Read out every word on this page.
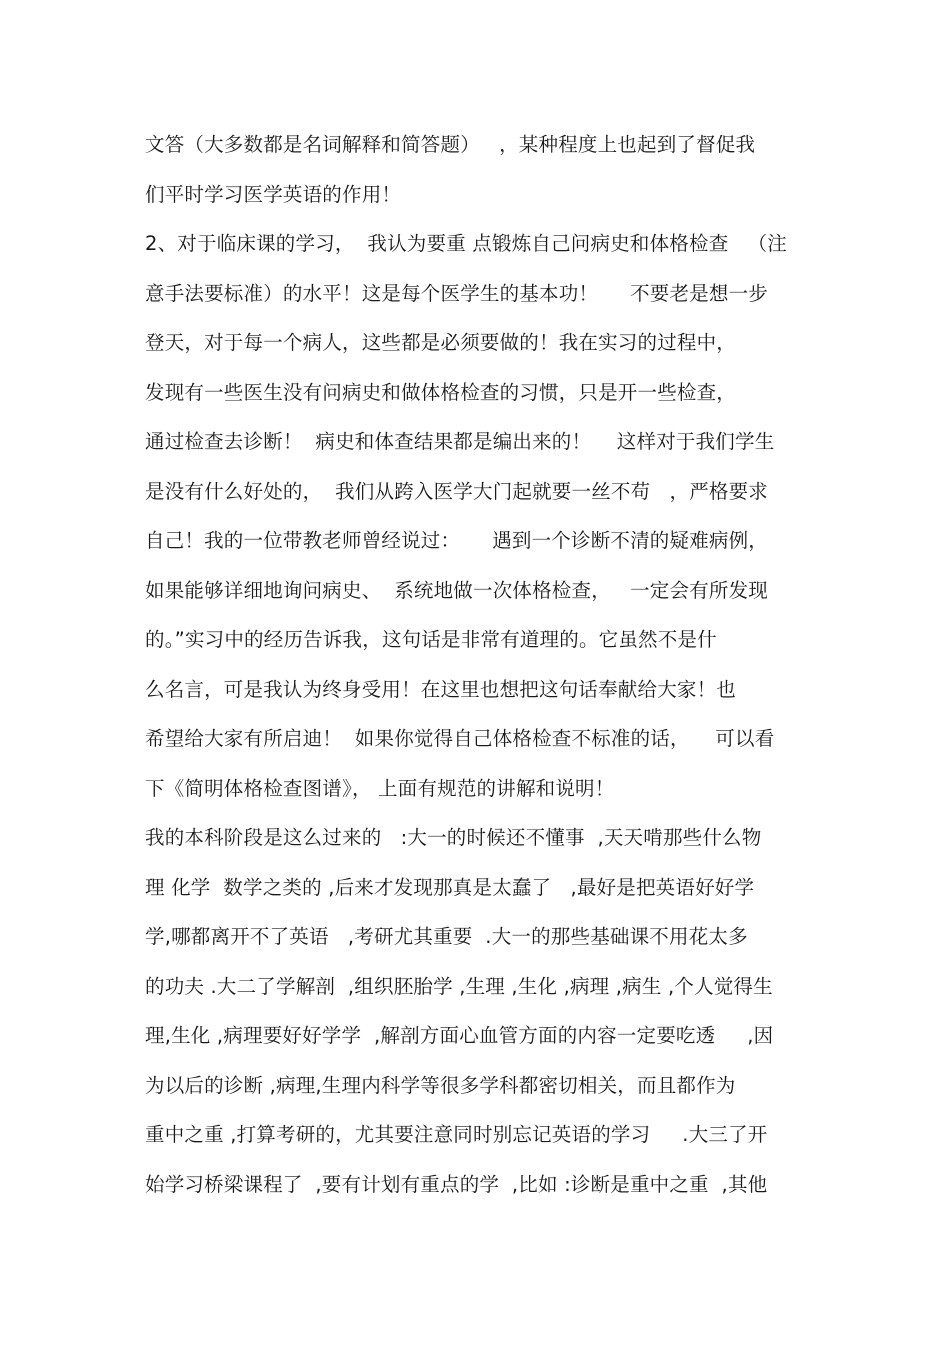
文答（大多数都是名词解释和简答题）   ，某种程度上也起到了督促我
们平时学习医学英语的作用！
2、对于临床课的学习，  我认为要重 点锻炼自己问病史和体格检查   （注
意手法要标准）的水平！这是每个医学生的基本功！     不要老是想一步
登天，对于每一个病人，这些都是必须要做的！我在实习的过程中，
发现有一些医生没有问病史和做体格检查的习惯，只是开一些检查，
通过检查去诊断！  病史和体查结果都是编出来的！    这样对于我们学生
是没有什么好处的，  我们从跨入医学大门起就要一丝不苟   ，严格要求
自己！我的一位带教老师曾经说过：     遇到一个诊断不清的疑难病例，
如果能够详细地询问病史、  系统地做一次体格检查，   一定会有所发现
的。”实习中的经历告诉我，这句话是非常有道理的。它虽然不是什
么名言，可是我认为终身受用！在这里也想把这句话奉献给大家！也
希望给大家有所启迪！  如果你觉得自己体格检查不标准的话，    可以看
下《简明体格检查图谱》， 上面有规范的讲解和说明！
我的本科阶段是这么过来的   :大一的时候还不懂事  ,天天啃那些什么物
理 化学  数学之类的 ,后来才发现那真是太蠢了   ,最好是把英语好好学
学,哪都离开不了英语   ,考研尤其重要  .大一的那些基础课不用花太多
的功夫 .大二了学解剖  ,组织胚胎学 ,生理 ,生化 ,病理 ,病生 ,个人觉得生
理,生化 ,病理要好好学学  ,解剖方面心血管方面的内容一定要吃透     ,因
为以后的诊断 ,病理,生理内科学等很多学科都密切相关，而且都作为
重中之重 ,打算考研的，尤其要注意同时别忘记英语的学习     .大三了开
始学习桥梁课程了  ,要有计划有重点的学  ,比如 :诊断是重中之重  ,其他
